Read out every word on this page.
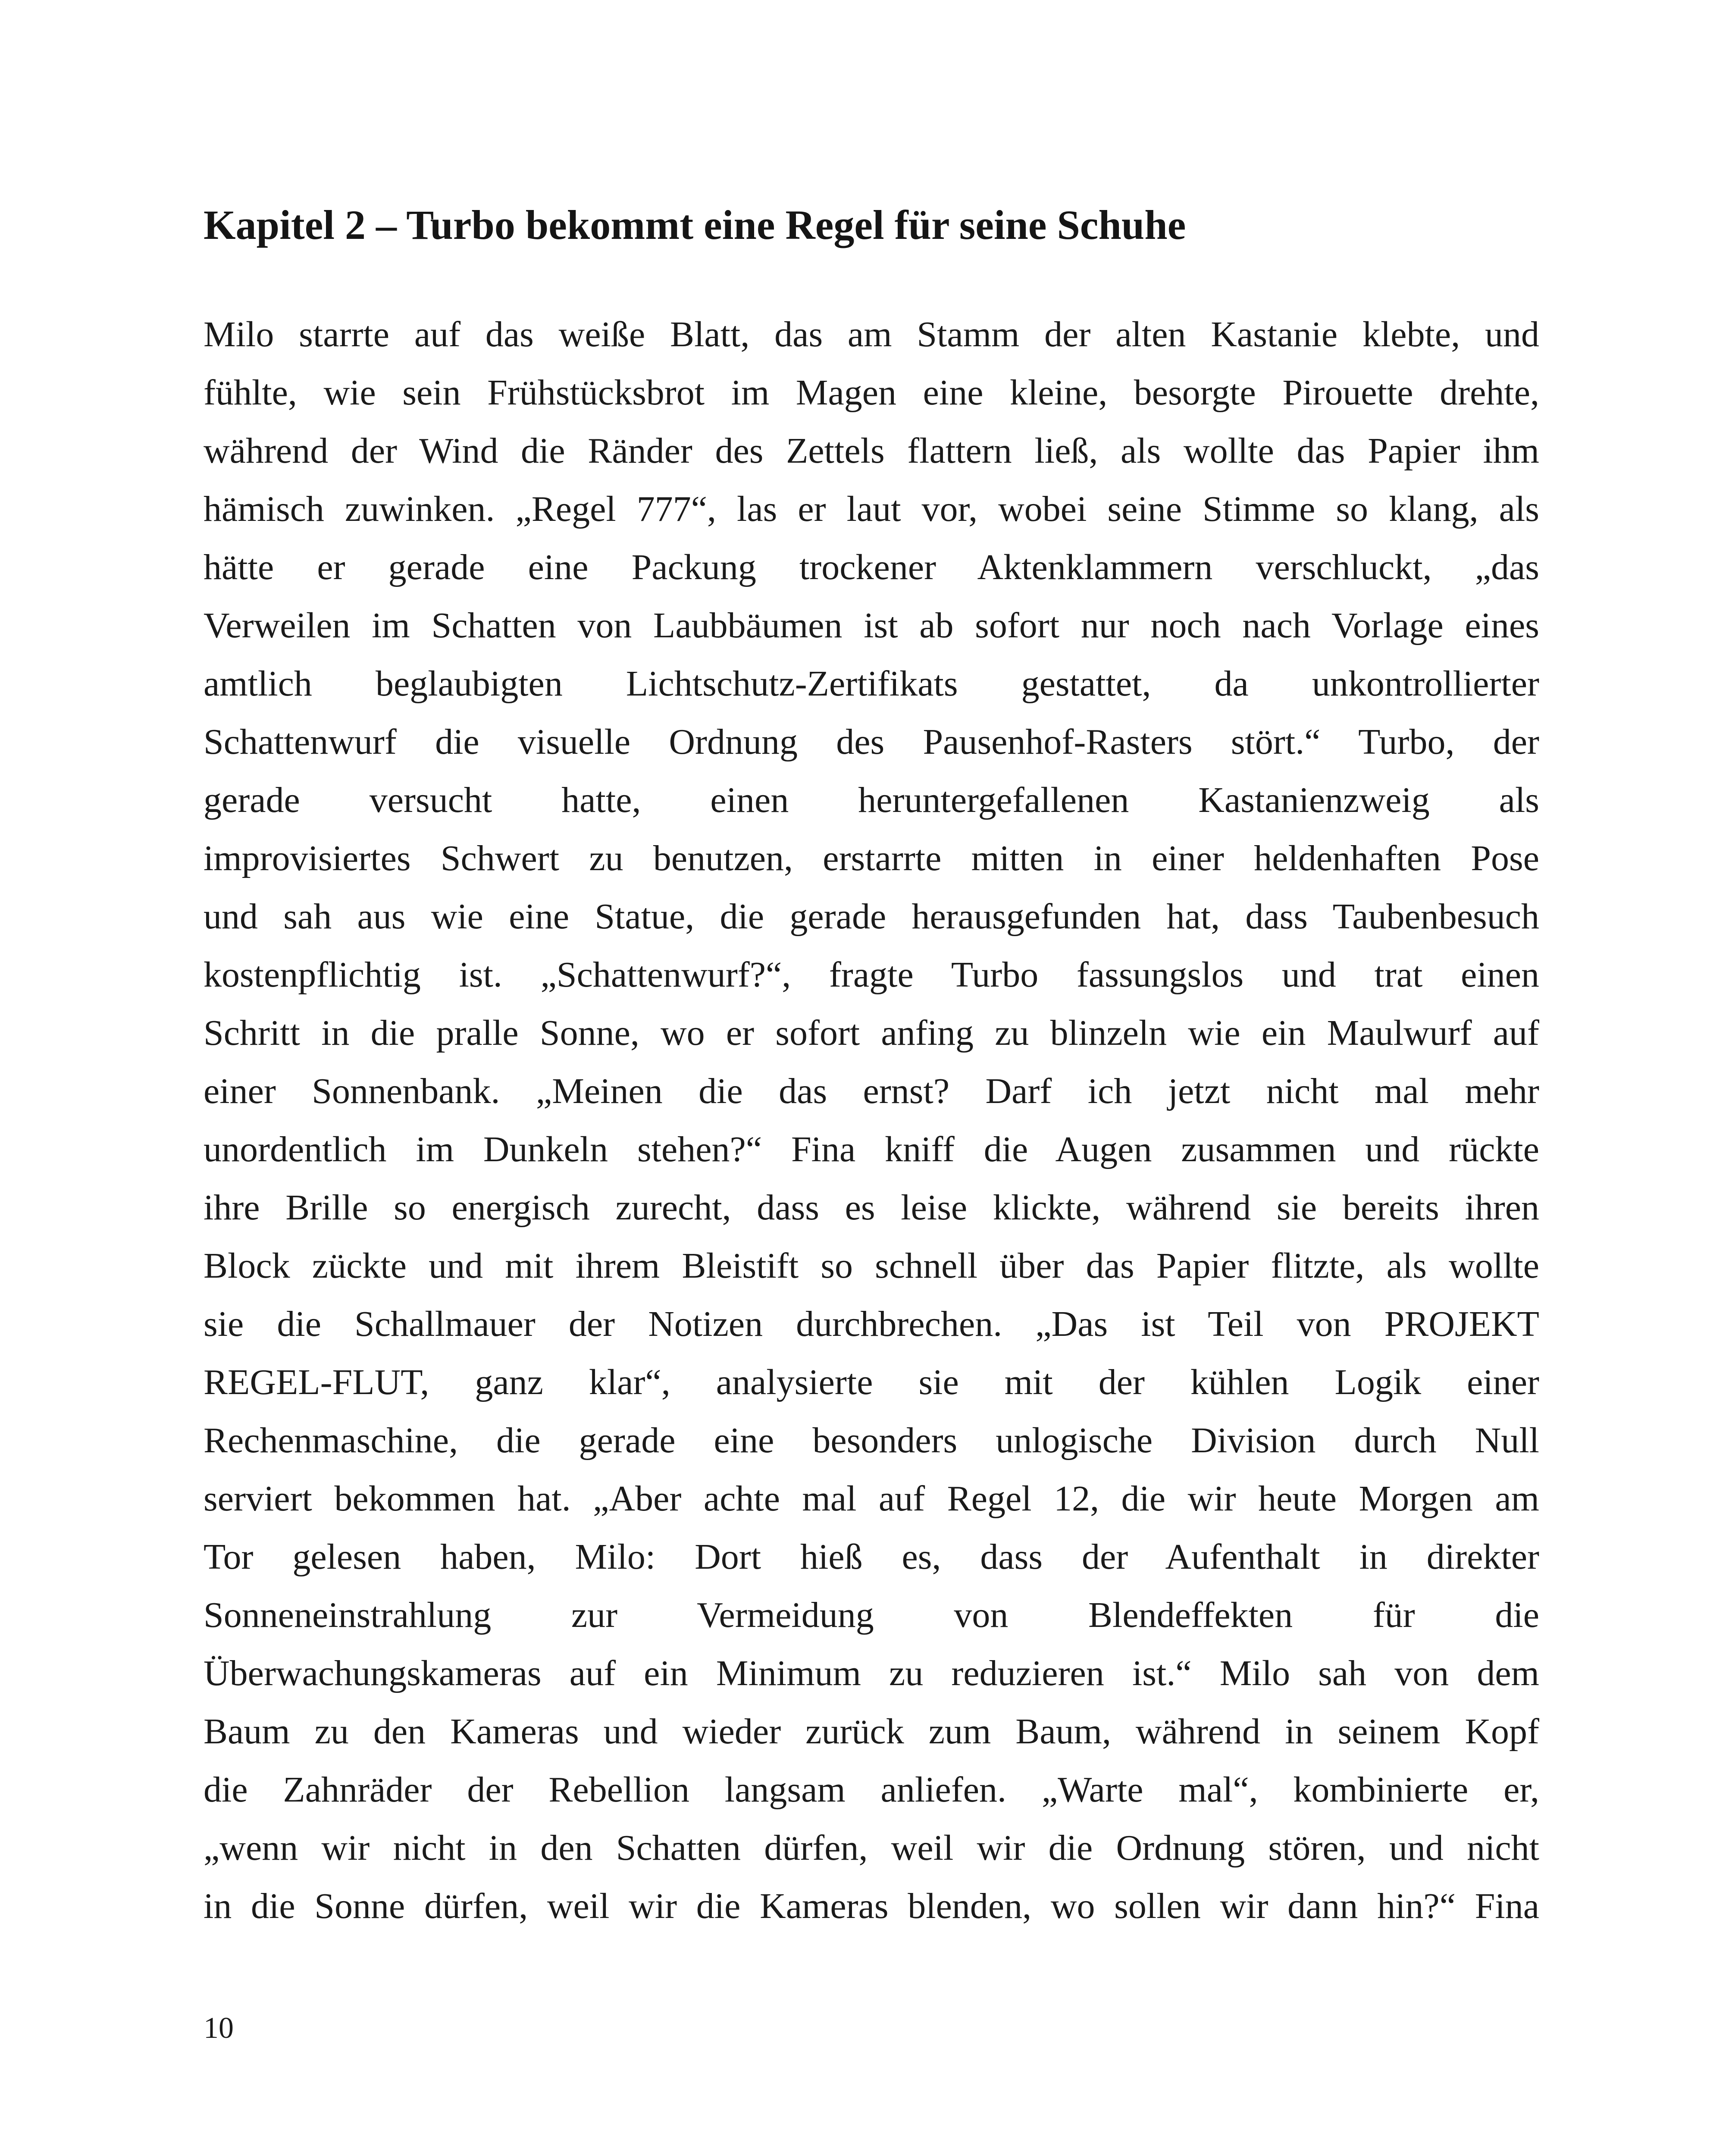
Kapitel 2 – Turbo bekommt eine Regel für seine Schuhe
Milo starrte auf das weiße Blatt, das am Stamm der alten Kastanie klebte, und
fühlte, wie sein Frühstücksbrot im Magen eine kleine, besorgte Pirouette drehte,
während der Wind die Ränder des Zettels flattern ließ, als wollte das Papier ihm
hämisch zuwinken. „Regel 777“, las er laut vor, wobei seine Stimme so klang, als
hätte er gerade eine Packung trockener Aktenklammern verschluckt, „das
Verweilen im Schatten von Laubbäumen ist ab sofort nur noch nach Vorlage eines
amtlich beglaubigten Lichtschutz-Zertifikats gestattet, da unkontrollierter
Schattenwurf die visuelle Ordnung des Pausenhof-Rasters stört.“ Turbo, der
gerade versucht hatte, einen heruntergefallenen Kastanienzweig als
improvisiertes Schwert zu benutzen, erstarrte mitten in einer heldenhaften Pose
und sah aus wie eine Statue, die gerade herausgefunden hat, dass Taubenbesuch
kostenpflichtig ist. „Schattenwurf?“, fragte Turbo fassungslos und trat einen
Schritt in die pralle Sonne, wo er sofort anfing zu blinzeln wie ein Maulwurf auf
einer Sonnenbank. „Meinen die das ernst? Darf ich jetzt nicht mal mehr
unordentlich im Dunkeln stehen?“ Fina kniff die Augen zusammen und rückte
ihre Brille so energisch zurecht, dass es leise klickte, während sie bereits ihren
Block zückte und mit ihrem Bleistift so schnell über das Papier flitzte, als wollte
sie die Schallmauer der Notizen durchbrechen. „Das ist Teil von PROJEKT
REGEL-FLUT, ganz klar“, analysierte sie mit der kühlen Logik einer
Rechenmaschine, die gerade eine besonders unlogische Division durch Null
serviert bekommen hat. „Aber achte mal auf Regel 12, die wir heute Morgen am
Tor gelesen haben, Milo: Dort hieß es, dass der Aufenthalt in direkter
Sonneneinstrahlung zur Vermeidung von Blendeffekten für die
Überwachungskameras auf ein Minimum zu reduzieren ist.“ Milo sah von dem
Baum zu den Kameras und wieder zurück zum Baum, während in seinem Kopf
die Zahnräder der Rebellion langsam anliefen. „Warte mal“, kombinierte er,
„wenn wir nicht in den Schatten dürfen, weil wir die Ordnung stören, und nicht
in die Sonne dürfen, weil wir die Kameras blenden, wo sollen wir dann hin?“ Fina

10
